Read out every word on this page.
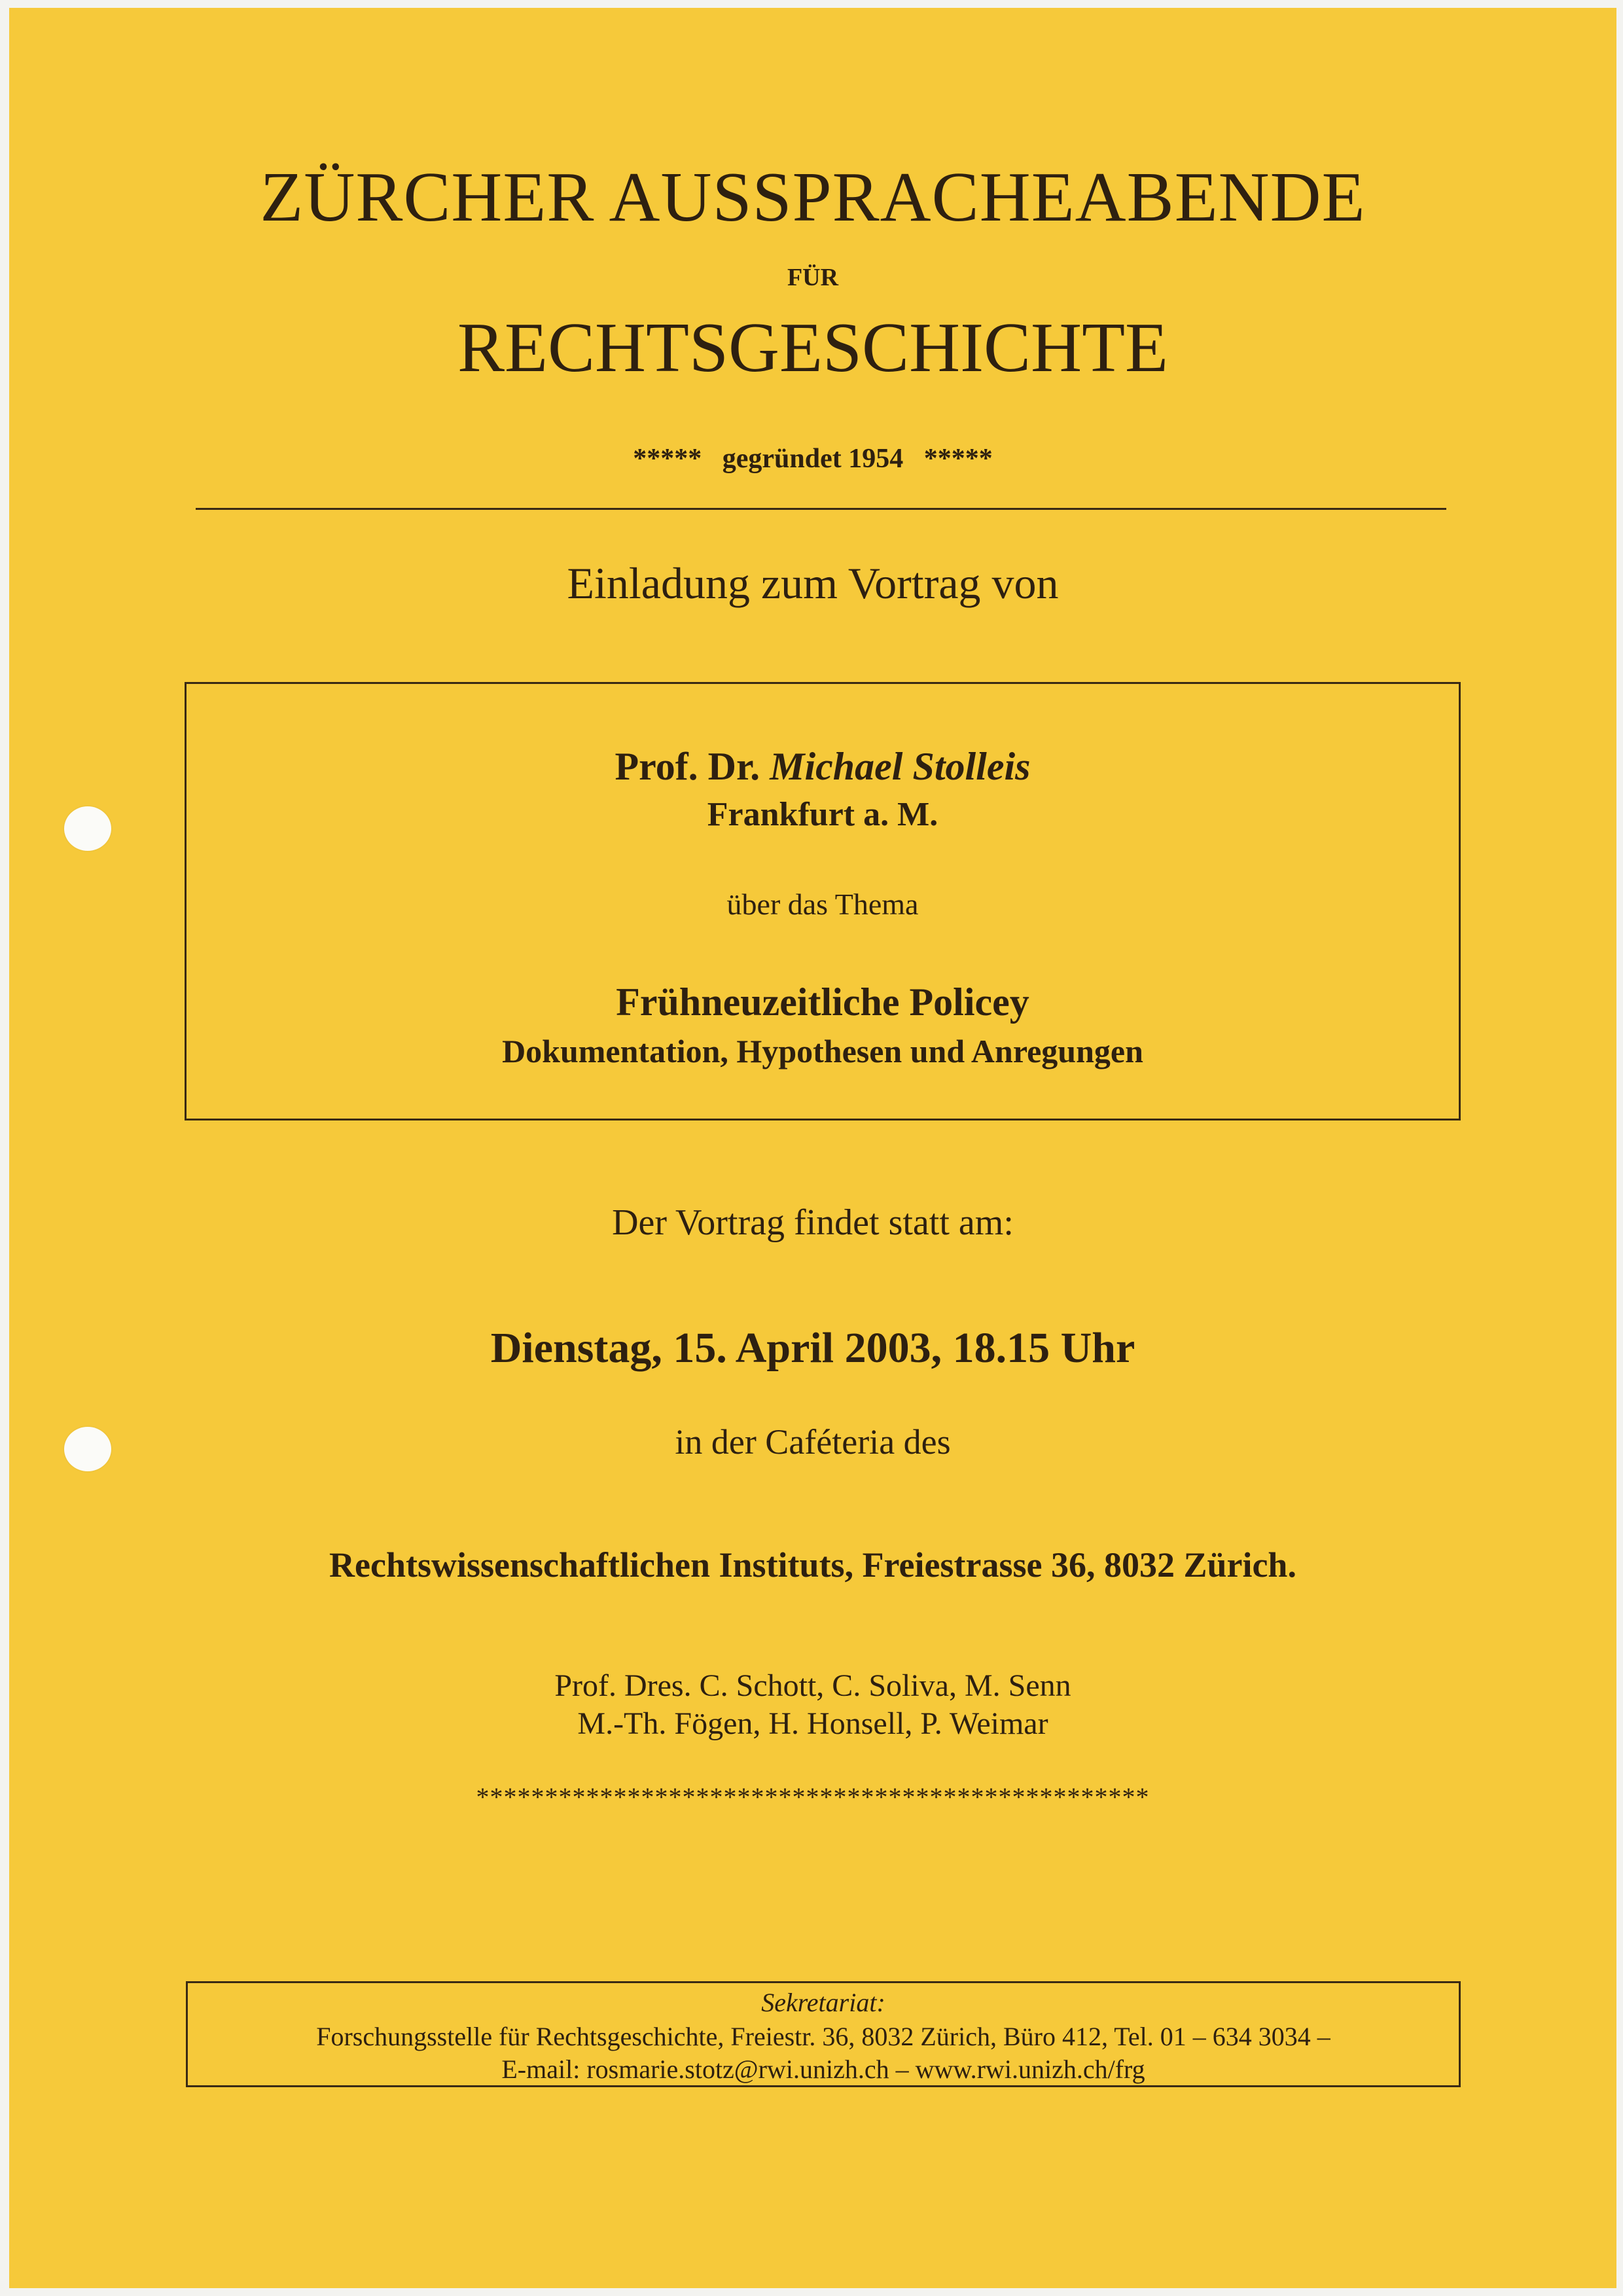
ZÜRCHER AUSSPRACHEABENDE
FÜR
RECHTSGESCHICHTE
*****   gegründet 1954   *****
Einladung zum Vortrag von
Prof. Dr. Michael Stolleis
Frankfurt a. M.
über das Thema
Frühneuzeitliche Policey
Dokumentation, Hypothesen und Anregungen
Der Vortrag findet statt am:
Dienstag, 15. April 2003, 18.15 Uhr
in der Caféteria des
Rechtswissenschaftlichen Instituts, Freiestrasse 36, 8032 Zürich.
Prof. Dres. C. Schott, C. Soliva, M. Senn
M.-Th. Fögen, H. Honsell, P. Weimar
*************************************************
Sekretariat:
Forschungsstelle für Rechtsgeschichte, Freiestr. 36, 8032 Zürich, Büro 412, Tel. 01 – 634 3034 –
E-mail: rosmarie.stotz@rwi.unizh.ch – www.rwi.unizh.ch/frg
